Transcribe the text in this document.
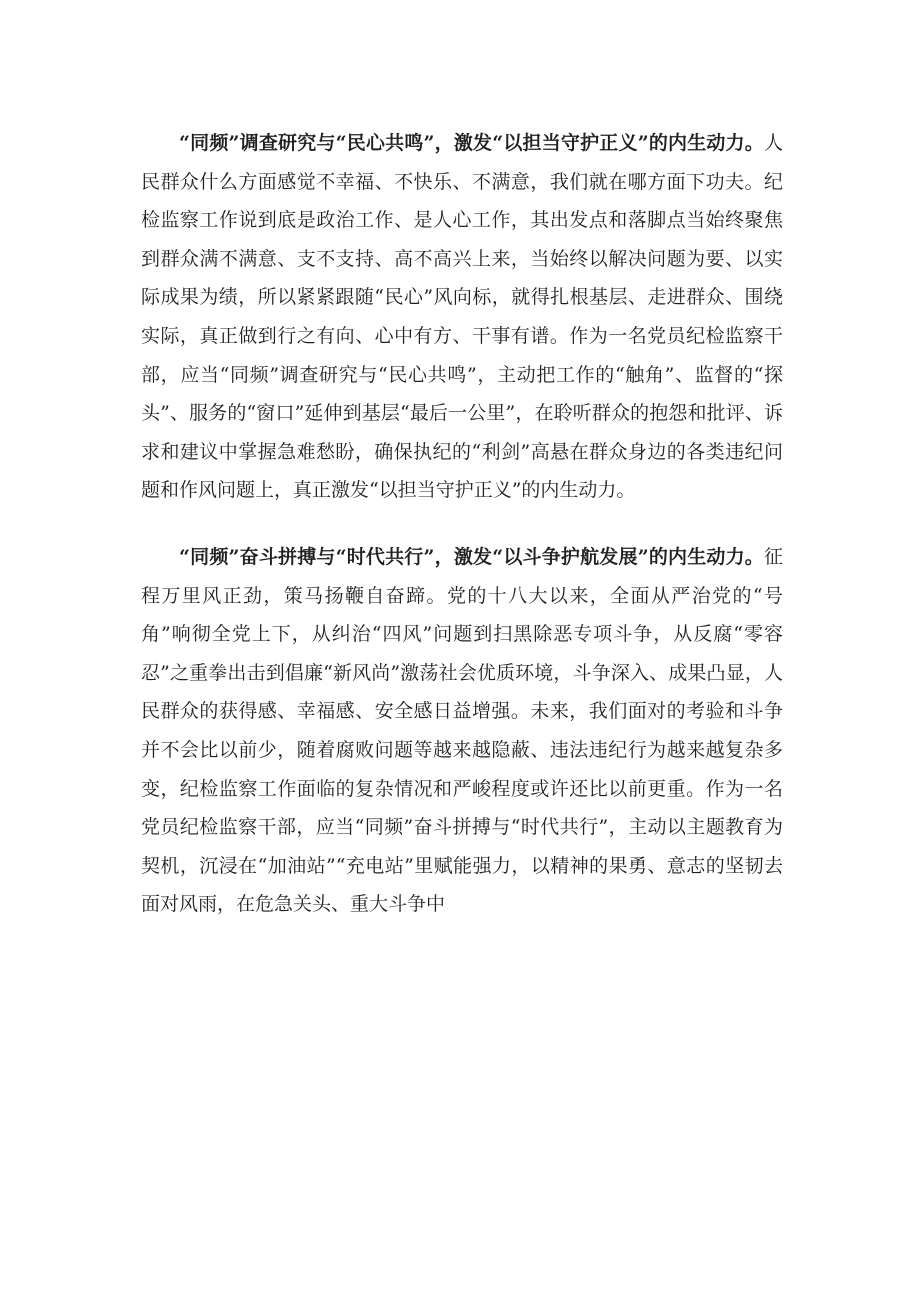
“同频”调查研究与“民心共鸣”，激发“以担当守护正义”的内生动力。人民群众什么方面感觉不幸福、不快乐、不满意，我们就在哪方面下功夫。纪检监察工作说到底是政治工作、是人心工作，其出发点和落脚点当始终聚焦到群众满不满意、支不支持、高不高兴上来，当始终以解决问题为要、以实际成果为绩，所以紧紧跟随“民心”风向标，就得扎根基层、走进群众、围绕实际，真正做到行之有向、心中有方、干事有谱。作为一名党员纪检监察干部，应当“同频”调查研究与“民心共鸣”，主动把工作的“触角”、监督的“探头”、服务的“窗口”延伸到基层“最后一公里”，在聆听群众的抱怨和批评、诉求和建议中掌握急难愁盼，确保执纪的“利剑”高悬在群众身边的各类违纪问题和作风问题上，真正激发“以担当守护正义”的内生动力。

“同频”奋斗拼搏与“时代共行”，激发“以斗争护航发展”的内生动力。征程万里风正劲，策马扬鞭自奋蹄。党的十八大以来，全面从严治党的“号角”响彻全党上下，从纠治“四风”问题到扫黑除恶专项斗争，从反腐“零容忍”之重拳出击到倡廉“新风尚”激荡社会优质环境，斗争深入、成果凸显，人民群众的获得感、幸福感、安全感日益增强。未来，我们面对的考验和斗争并不会比以前少，随着腐败问题等越来越隐蔽、违法违纪行为越来越复杂多变，纪检监察工作面临的复杂情况和严峻程度或许还比以前更重。作为一名党员纪检监察干部，应当“同频”奋斗拼搏与“时代共行”，主动以主题教育为契机，沉浸在“加油站”“充电站”里赋能强力，以精神的果勇、意志的坚韧去面对风雨，在危急关头、重大斗争中
